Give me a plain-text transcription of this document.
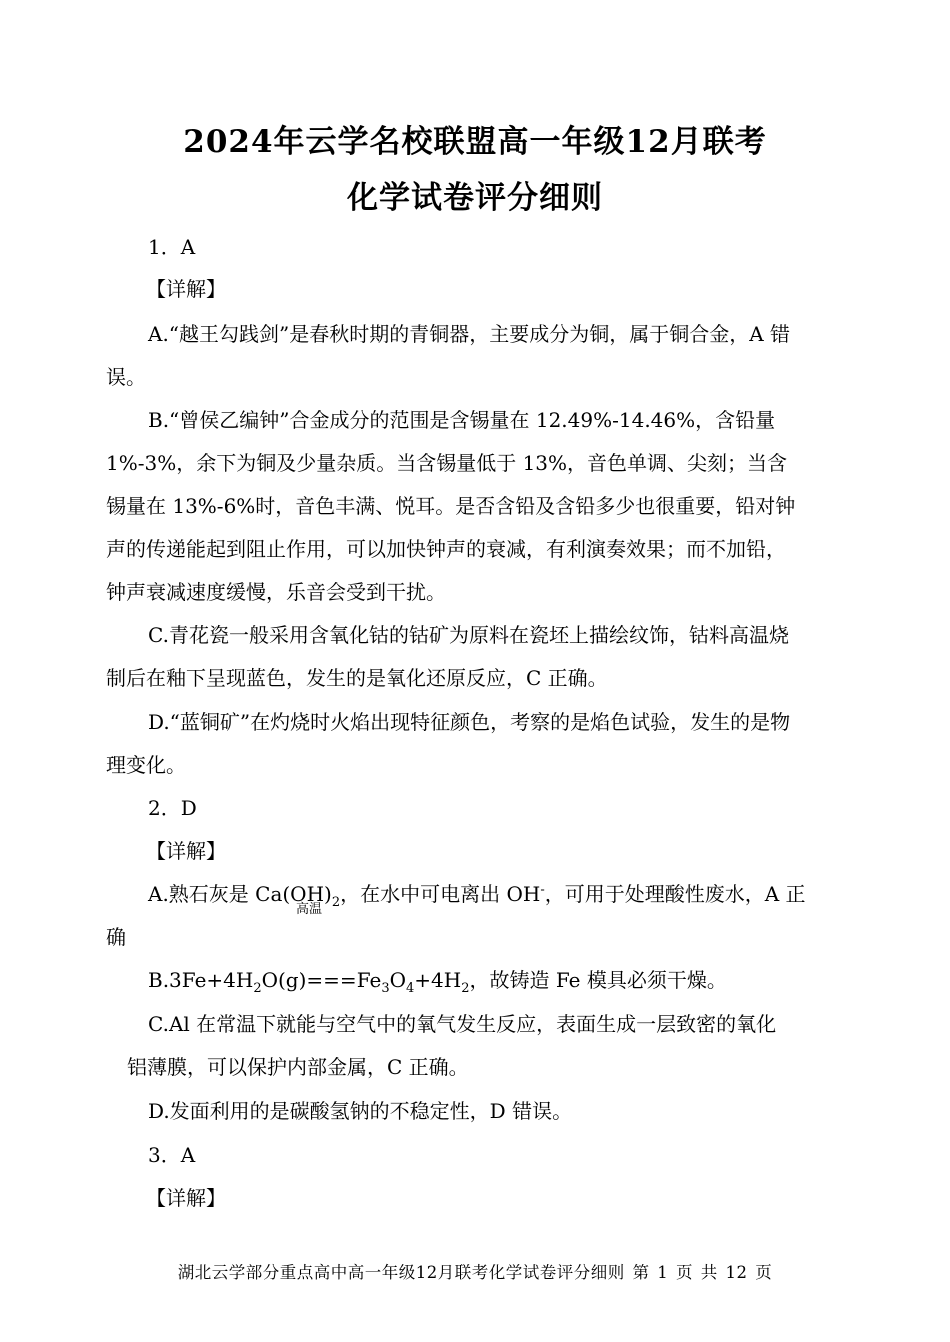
2024年云学名校联盟高一年级12月联考
化学试卷评分细则
1．A
【详解】
A.“越王勾践剑”是春秋时期的青铜器，主要成分为铜，属于铜合金，A 错
误。
B.“曾侯乙编钟”合金成分的范围是含锡量在 12.49%-14.46%，含铅量
1%-3%，余下为铜及少量杂质。当含锡量低于 13%，音色单调、尖刻；当含
锡量在 13%-6%时，音色丰满、悦耳。是否含铅及含铅多少也很重要，铅对钟
声的传递能起到阻止作用，可以加快钟声的衰减，有利演奏效果；而不加铅，
钟声衰减速度缓慢，乐音会受到干扰。
C.青花瓷一般采用含氧化钴的钴矿为原料在瓷坯上描绘纹饰，钴料高温烧
制后在釉下呈现蓝色，发生的是氧化还原反应，C 正确。
D.“蓝铜矿”在灼烧时火焰出现特征颜色，考察的是焰色试验，发生的是物
理变化。
2．D
【详解】
A.熟石灰是 $Ca(OH)_2$，在水中可电离出 OH-，可用于处理酸性废水，A 正
高温
确
$B.3Fe+4H_2O(g)===Fe_3O_4+4H_2$，故铸造 Fe 模具必须干燥。
C.Al 在常温下就能与空气中的氧气发生反应，表面生成一层致密的氧化
铝薄膜，可以保护内部金属，C 正确。
D.发面利用的是碳酸氢钠的不稳定性，D 错误。
3．A
【详解】
湖北云学部分重点高中高一年级12月联考化学试卷评分细则 第 1 页 共 12 页
